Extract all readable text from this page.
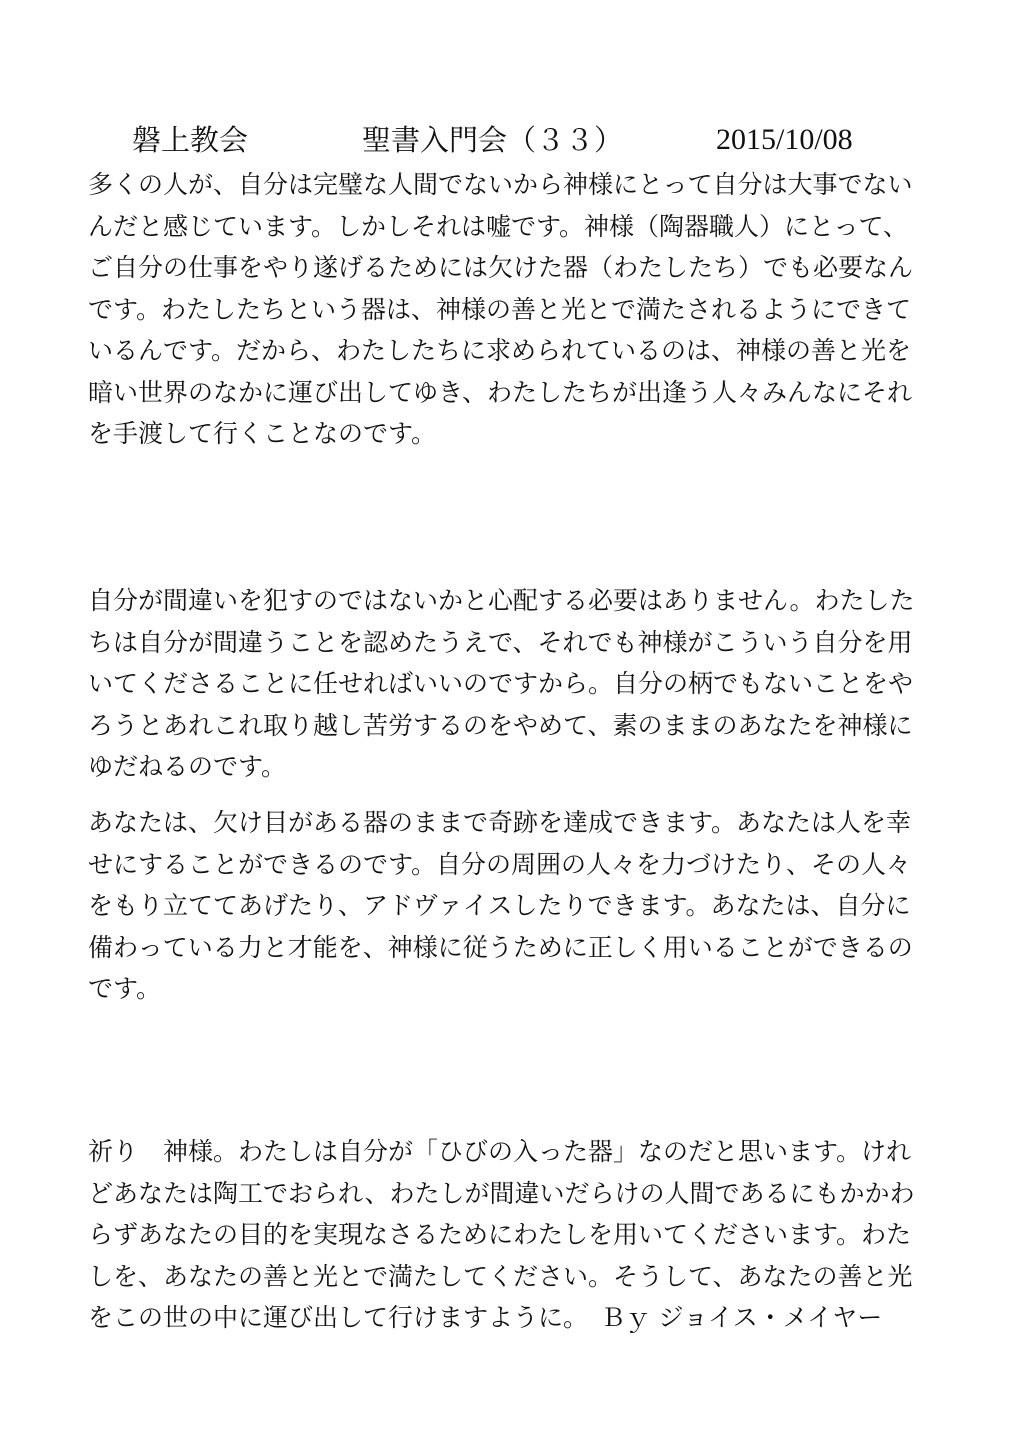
磐上教会	聖書入門会（３３）	2015/10/08

多くの人が、自分は完璧な人間でないから神様にとって自分は大事でない
んだと感じています。しかしそれは嘘です。神様（陶器職人）にとって、
ご自分の仕事をやり遂げるためには欠けた器（わたしたち）でも必要なん
です。わたしたちという器は、神様の善と光とで満たされるようにできて
いるんです。だから、わたしたちに求められているのは、神様の善と光を
暗い世界のなかに運び出してゆき、わたしたちが出逢う人々みんなにそれ
を手渡して行くことなのです。

自分が間違いを犯すのではないかと心配する必要はありません。わたした
ちは自分が間違うことを認めたうえで、それでも神様がこういう自分を用
いてくださることに任せればいいのですから。自分の柄でもないことをや
ろうとあれこれ取り越し苦労するのをやめて、素のままのあなたを神様に
ゆだねるのです。

あなたは、欠け目がある器のままで奇跡を達成できます。あなたは人を幸
せにすることができるのです。自分の周囲の人々を力づけたり、その人々
をもり立ててあげたり、アドヴァイスしたりできます。あなたは、自分に
備わっている力と才能を、神様に従うために正しく用いることができるの
です。

祈り　神様。わたしは自分が「ひびの入った器」なのだと思います。けれ
どあなたは陶工でおられ、わたしが間違いだらけの人間であるにもかかわ
らずあなたの目的を実現なさるためにわたしを用いてくださいます。わた
しを、あなたの善と光とで満たしてください。そうして、あなたの善と光
をこの世の中に運び出して行けますように。　Ｂｙ ジョイス・メイヤー
